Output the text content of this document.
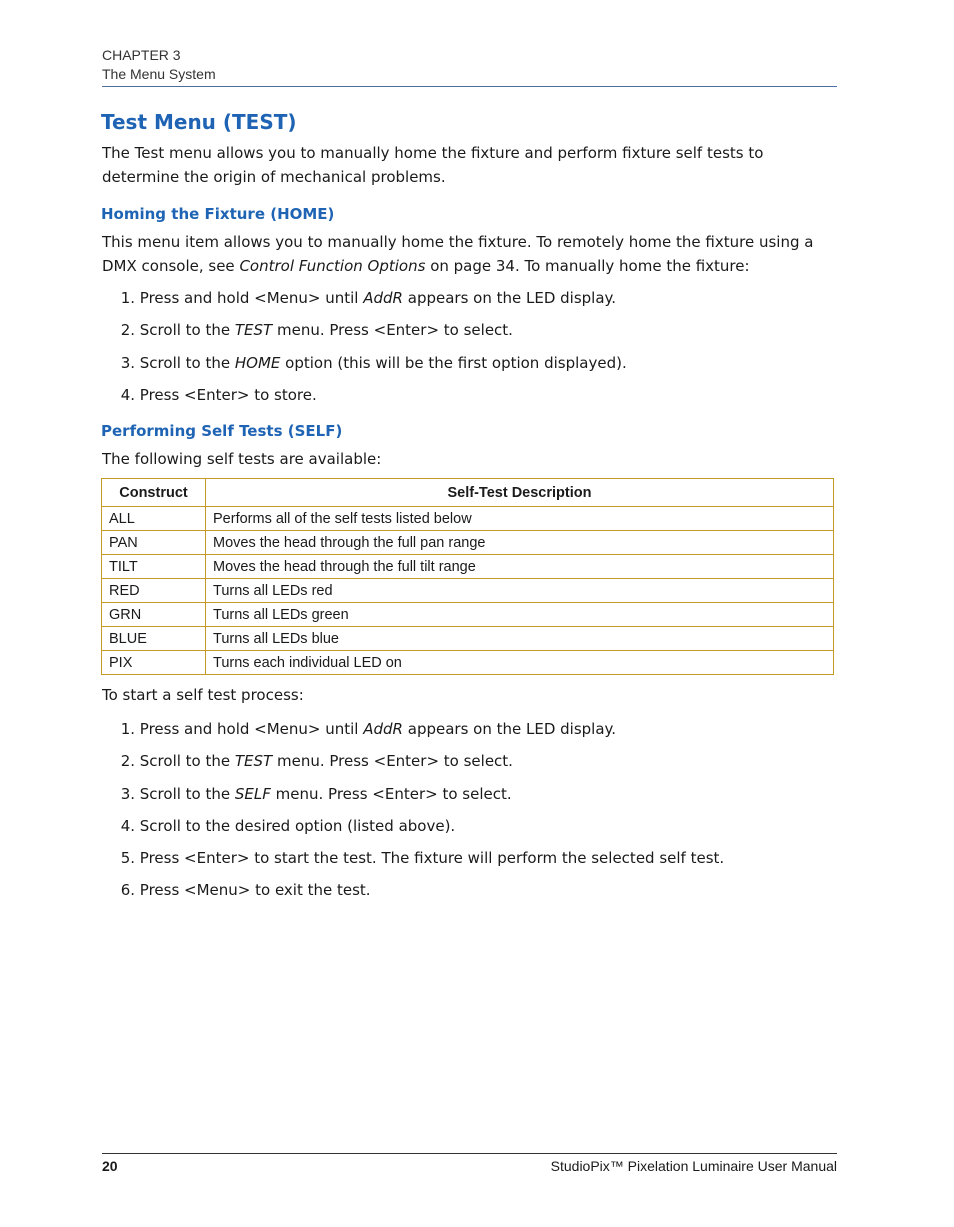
CHAPTER 3
The Menu System
Test Menu (TEST)

The Test menu allows you to manually home the fixture and perform fixture self tests to determine the origin of mechanical problems.

Homing the Fixture (HOME)

This menu item allows you to manually home the fixture. To remotely home the fixture using a DMX console, see Control Function Options on page 34. To manually home the fixture:

1. Press and hold <Menu> until AddR appears on the LED display.
2. Scroll to the TEST menu. Press <Enter> to select.
3. Scroll to the HOME option (this will be the first option displayed).
4. Press <Enter> to store.
Performing Self Tests (SELF)

The following self tests are available:

Construct	Self-Test Description
ALL	Performs all of the self tests listed below
PAN	Moves the head through the full pan range
TILT	Moves the head through the full tilt range
RED	Turns all LEDs red
GRN	Turns all LEDs green
BLUE	Turns all LEDs blue
PIX	Turns each individual LED on

To start a self test process:

1. Press and hold <Menu> until AddR appears on the LED display.
2. Scroll to the TEST menu. Press <Enter> to select.
3. Scroll to the SELF menu. Press <Enter> to select.
4. Scroll to the desired option (listed above).
5. Press <Enter> to start the test. The fixture will perform the selected self test.
6. Press <Menu> to exit the test.
20	StudioPix™ Pixelation Luminaire User Manual
